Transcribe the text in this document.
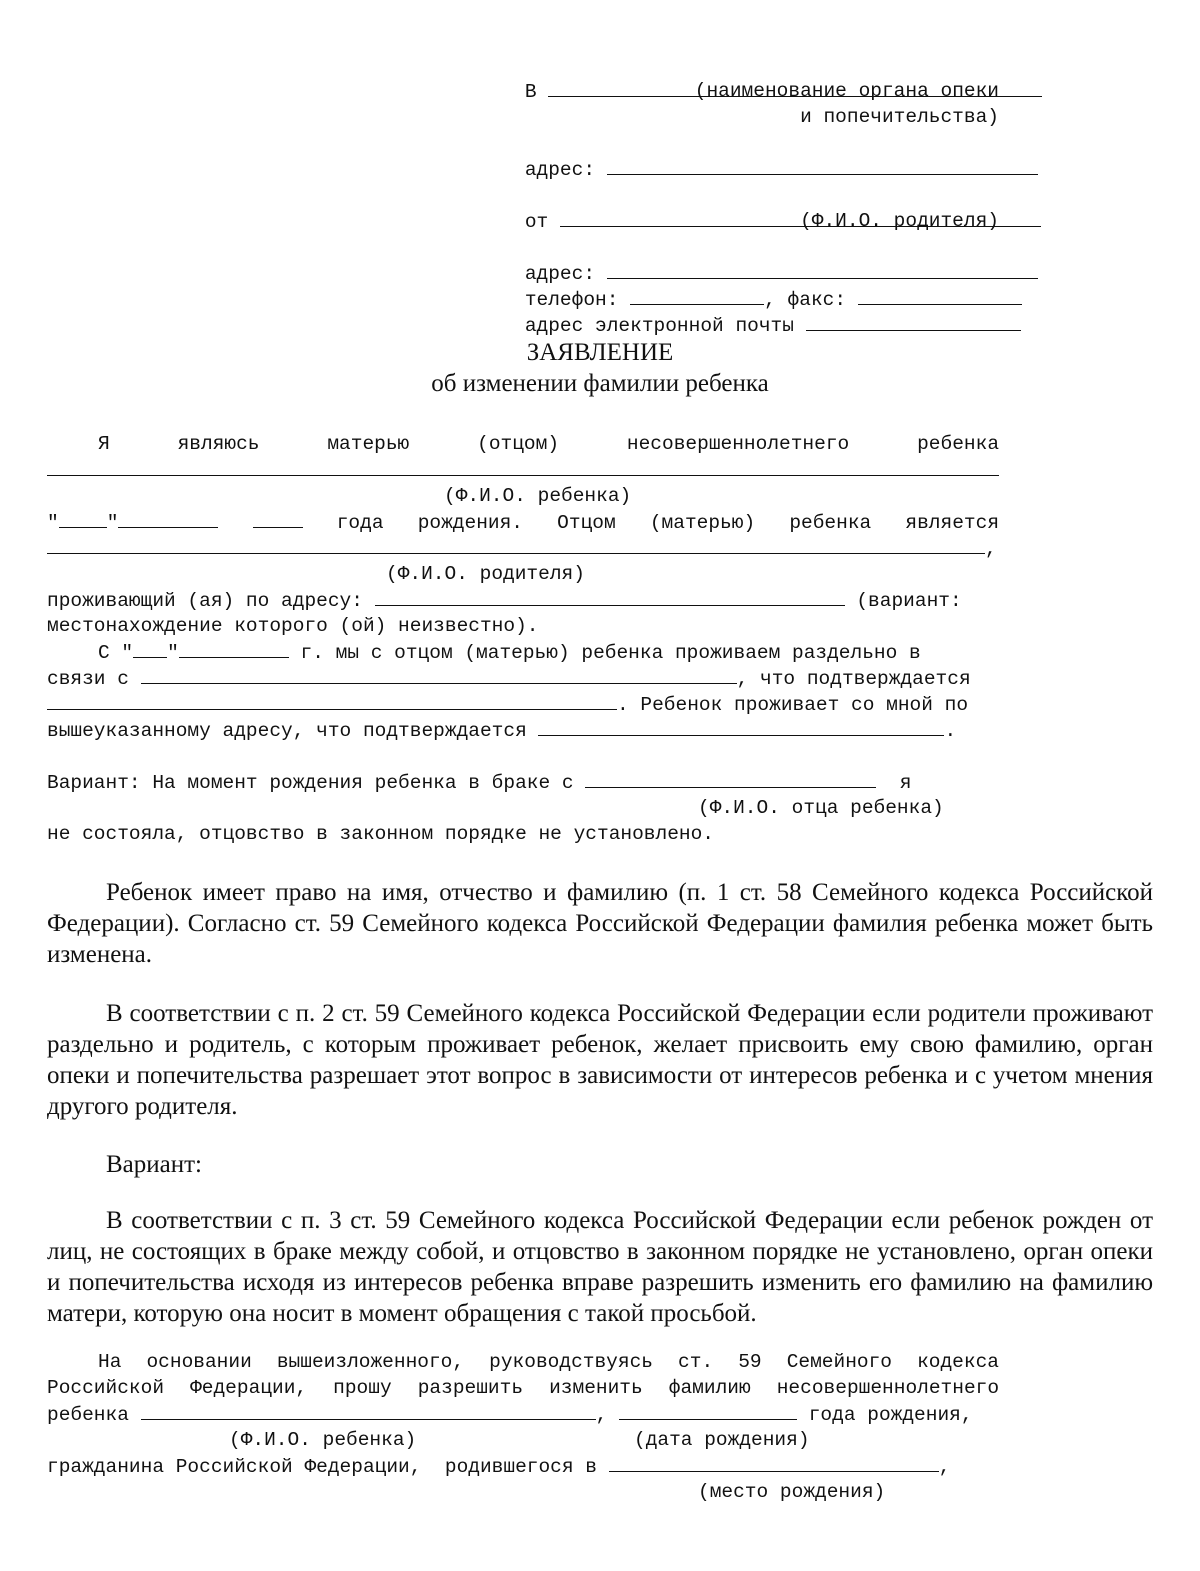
В
	(наименование органа опеки
и попечительства)

адрес:

от
	(Ф.И.О. родителя)

адрес:

телефон:	, факс:

адрес электронной почты

ЗАЯВЛЕНИЕ
об изменении фамилии ребенка
Я	являюсь	матерью	(отцом)	несовершеннолетнего	ребенка
(Ф.И.О. ребенка)
" "	года рождения. Отцом (матерью) ребенка является
,
(Ф.И.О. родителя)
проживающий (ая) по адресу:	(вариант:
местонахождение которого (ой) неизвестно).
С " "	г. мы с отцом (матерью) ребенка проживаем раздельно в
связи с	, что подтверждается
. Ребенок проживает со мной по
вышеуказанному адресу, что подтверждается	.
Вариант: На момент рождения ребенка в браке с	я
(Ф.И.О. отца ребенка)
не состояла, отцовство в законном порядке не установлено.
Ребенок имеет право на имя, отчество и фамилию (п. 1 ст. 58 Семейного кодекса Российской Федерации). Согласно ст. 59 Семейного кодекса Российской Федерации фамилия ребенка может быть изменена.
В соответствии с п. 2 ст. 59 Семейного кодекса Российской Федерации если родители проживают раздельно и родитель, с которым проживает ребенок, желает присвоить ему свою фамилию, орган опеки и попечительства разрешает этот вопрос в зависимости от интересов ребенка и с учетом мнения другого родителя.
Вариант:
В соответствии с п. 3 ст. 59 Семейного кодекса Российской Федерации если ребенок рожден от лиц, не состоящих в браке между собой, и отцовство в законном порядке не установлено, орган опеки и попечительства исходя из интересов ребенка вправе разрешить изменить его фамилию на фамилию матери, которую она носит в момент обращения с такой просьбой.
На основании вышеизложенного, руководствуясь ст. 59 Семейного кодекса
Российской Федерации, прошу разрешить изменить фамилию несовершеннолетнего
ребенка	,	года рождения,
(Ф.И.О. ребенка)	(дата рождения)
гражданина Российской Федерации,  родившегося в	,
(место рождения)
